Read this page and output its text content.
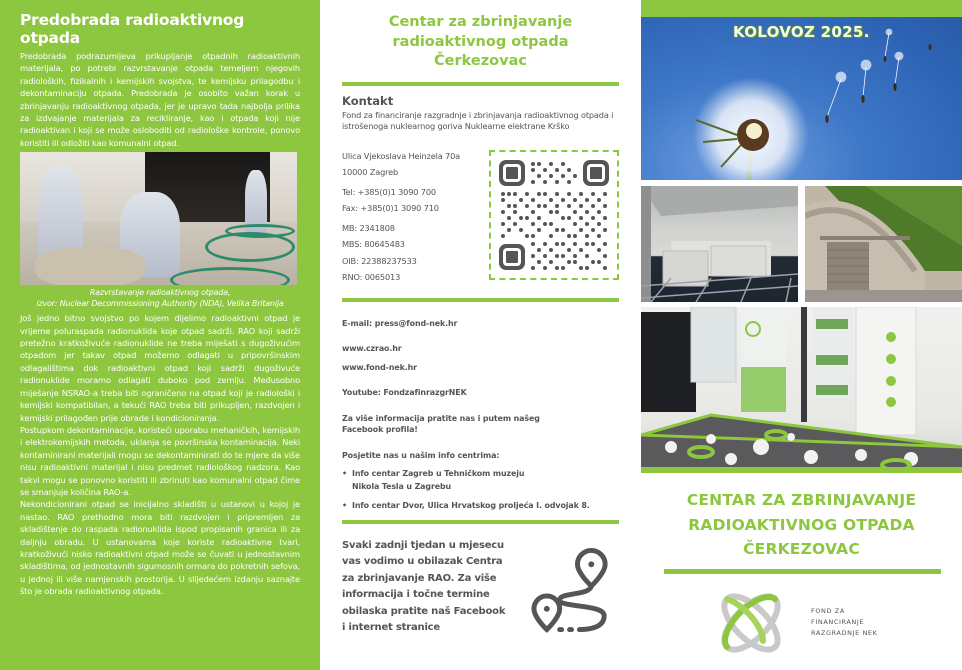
Predobrada radioaktivnog otpada

Predobrada podrazumijeva prikupljanje otpadnih radioaktivnih materijala, po potrebi razvrstavanje otpada temeljem njegovih radioloških, fizikalnih i kemijskih svojstva, te kemijsku prilagodbu i dekontaminaciju otpada. Predobrada je osobito važan korak u zbrinjavanju radioaktivnog otpada, jer je upravo tada najbolja prilika za izdvajanje materijala za recikliranje, kao i otpada koji nije radioaktivan i koji se može osloboditi od radiološke kontrole, ponovo koristiti ili odložiti kao komunalni otpad.

Razvrstavanje radioaktivnog otpada,
izvor: Nuclear Decommissioning Authority (NDA), Velika Britanija

Još jedno bitno svojstvo po kojem dijelimo radioaktivni otpad je vrijeme poluraspada radionuklida koje otpad sadrži. RAO koji sadrži pretežno kratkoživuće radionuklide ne treba miješati s dugoživućim otpadom jer takav otpad možemo odlagati u pripovršinskim odlagalištima dok radioaktivni otpad koji sadrži dugoživuće radionuklide moramo odlagati duboko pod zemlju. Međusobno miješanje NSRAO-a treba biti ograničeno na otpad koji je radiološki i kemijski kompatibilan, a tekući RAO treba biti prikupljen, razdvojen i kemijski prilagođen prije obrade i kondicioniranja.

Postupkom dekontaminacije, koristeći uporabu mehaničkih, kemijskih i elektrokemijskih metoda, uklanja se površinska kontaminacija. Neki kontaminirani materijali mogu se dekontaminirati do te mjere da više nisu radioaktivni materijal i nisu predmet radiološkog nadzora. Kao takvi mogu se ponovno koristiti ili zbrinuti kao komunalni otpad čime se smanjuje količina RAO-a.

Nekondicionirani otpad se inicijalno skladišti u ustanovi u kojoj je nastao. RAO prethodno mora biti razdvojen i pripremljen za skladištenje do raspada radionuklida ispod propisanih granica ili za daljnju obradu. U ustanovama koje koriste radioaktivne tvari, kratkoživući nisko radioaktivni otpad može se čuvati u jednostavnim skladištima, od jednostavnih sigurnosnih ormara do pokretnih sefova, u jednoj ili više namjenskih prostorija. U slijedećem izdanju saznajte što je obrada radioaktivnog otpada.

Centar za zbrinjavanje
radioaktivnog otpada
Čerkezovac
Kontakt
Fond za financiranje razgradnje i zbrinjavanja radioaktivnog otpada i istrošenoga nuklearnog goriva Nuklearne elektrane Krško
Ulica Vjekoslava Heinzela 70a
10000 Zagreb
Tel: +385(0)1 3090 700
Fax: +385(0)1 3090 710
MB: 2341808
MBS: 80645483
OIB: 22388237533
RNO: 0065013
E-mail: press@fond-nek.hr
www.czrao.hr
www.fond-nek.hr
Youtube: FondzafinrazgrNEK
Za više informacija pratite nas i putem našeg
Facebook profila!
Posjetite nas u našim info centrima:
• Info centar Zagreb u Tehničkom muzeju
Nikola Tesla u Zagrebu
• Info centar Dvor, Ulica Hrvatskog proljeća I. odvojak 8.
Svaki zadnji tjedan u mjesecu
vas vodimo u obilazak Centra
za zbrinjavanje RAO. Za više
informacija i točne termine
obilaska pratite naš Facebook
i internet stranice
KOLOVOZ 2025.
CENTAR ZA ZBRINJAVANJE
RADIOAKTIVNOG OTPADA
ČERKEZOVAC
FOND ZA
FINANCIRANJE
RAZGRADNJE NEK
